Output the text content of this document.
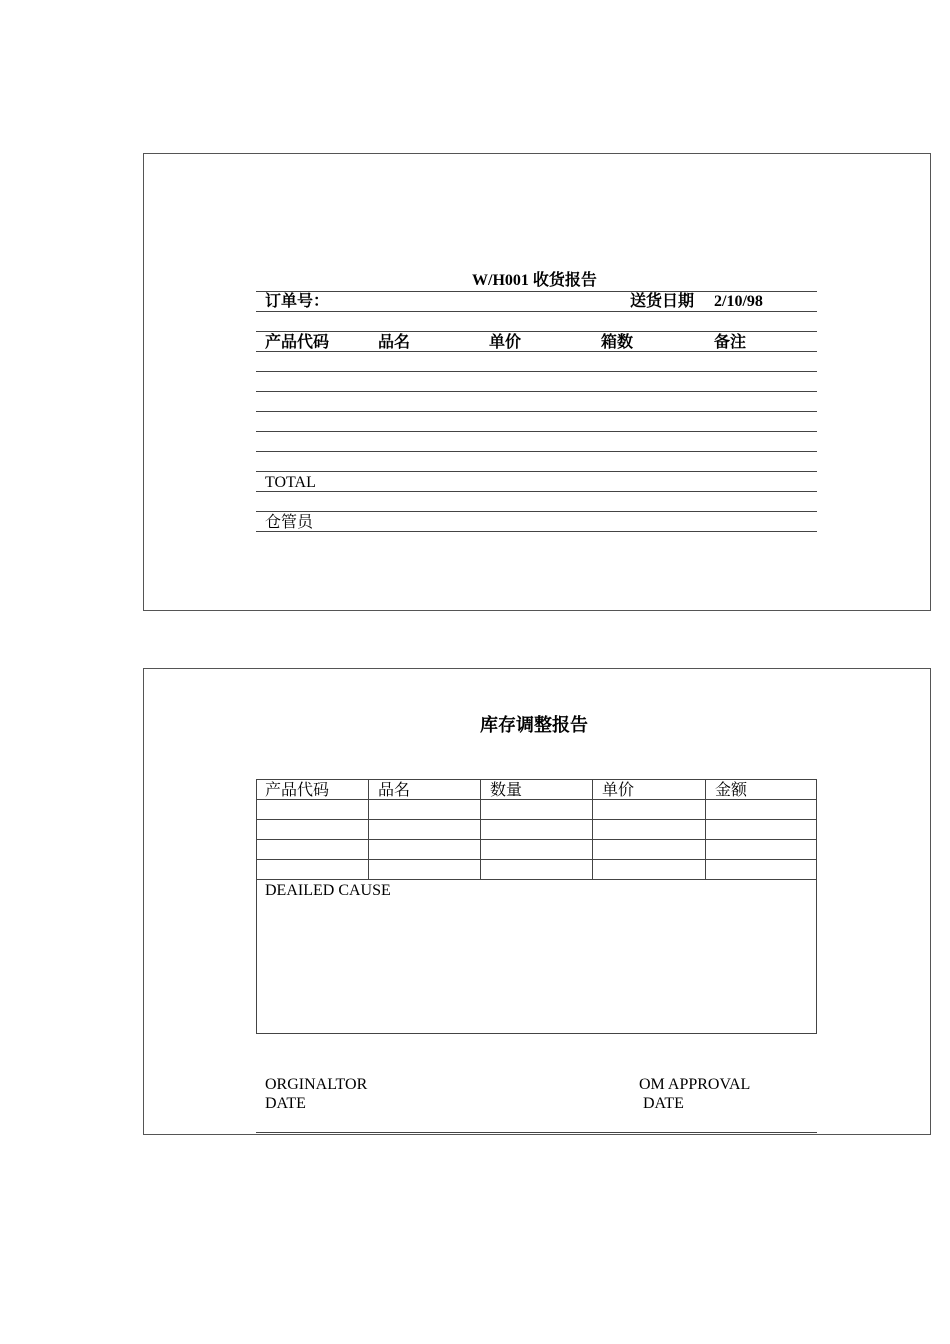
W/H001 收货报告
订单号：	送货日期 2/10/98
产品代码	品名	单价	箱数	备注
TOTAL
仓管员
库存调整报告
产品代码	品名	数量	单价	金额
DEAILED CAUSE
ORGINALTOR
DATE
OM APPROVAL
DATE
